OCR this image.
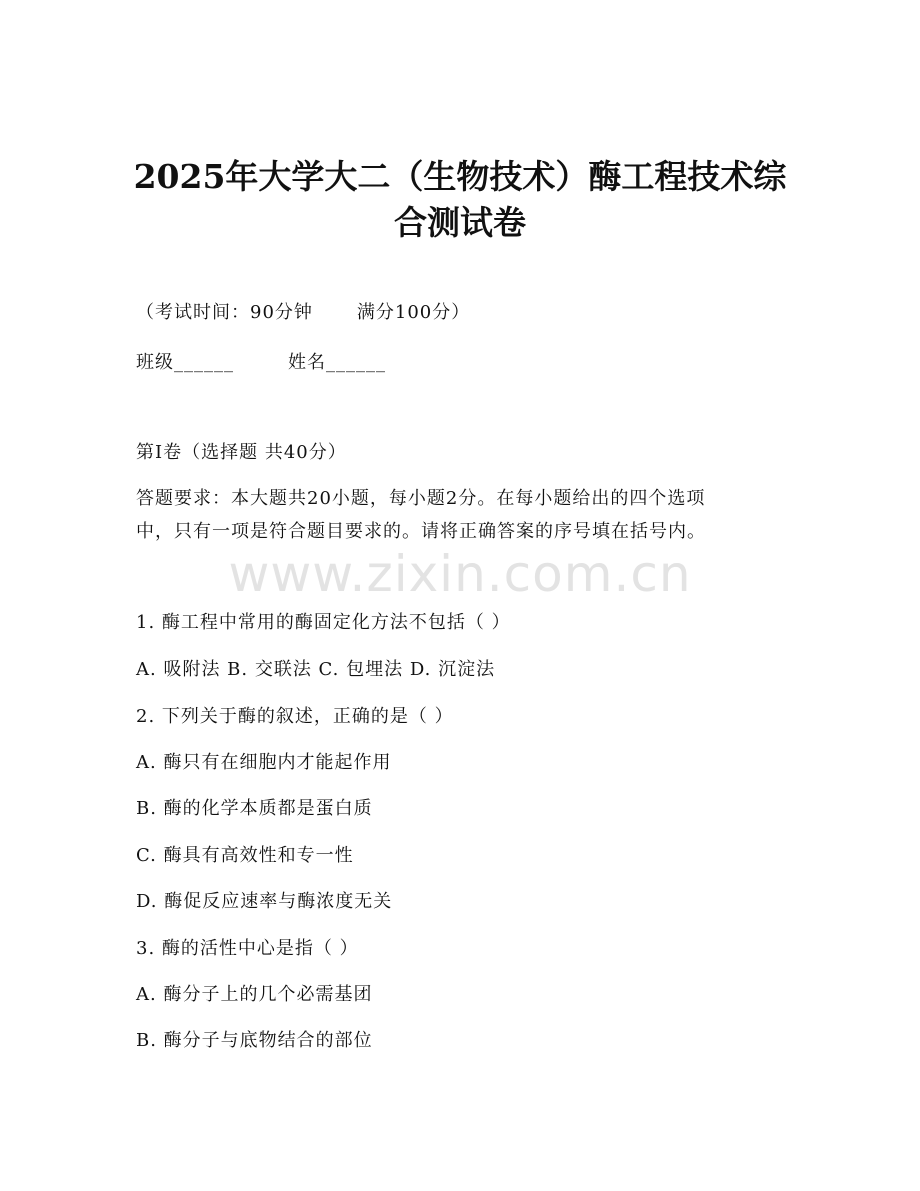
2025年大学大二（生物技术）酶工程技术综
合测试卷
（考试时间：90分钟 满分100分）
班级______	姓名______
第I卷（选择题 共40分）
答题要求：本大题共20小题，每小题2分。在每小题给出的四个选项
中，只有一项是符合题目要求的。请将正确答案的序号填在括号内。
www.zixin.com.cn
1. 酶工程中常用的酶固定化方法不包括（ ）
A. 吸附法 B. 交联法 C. 包埋法 D. 沉淀法
2. 下列关于酶的叙述，正确的是（ ）
A. 酶只有在细胞内才能起作用
B. 酶的化学本质都是蛋白质
C. 酶具有高效性和专一性
D. 酶促反应速率与酶浓度无关
3. 酶的活性中心是指（ ）
A. 酶分子上的几个必需基团
B. 酶分子与底物结合的部位
